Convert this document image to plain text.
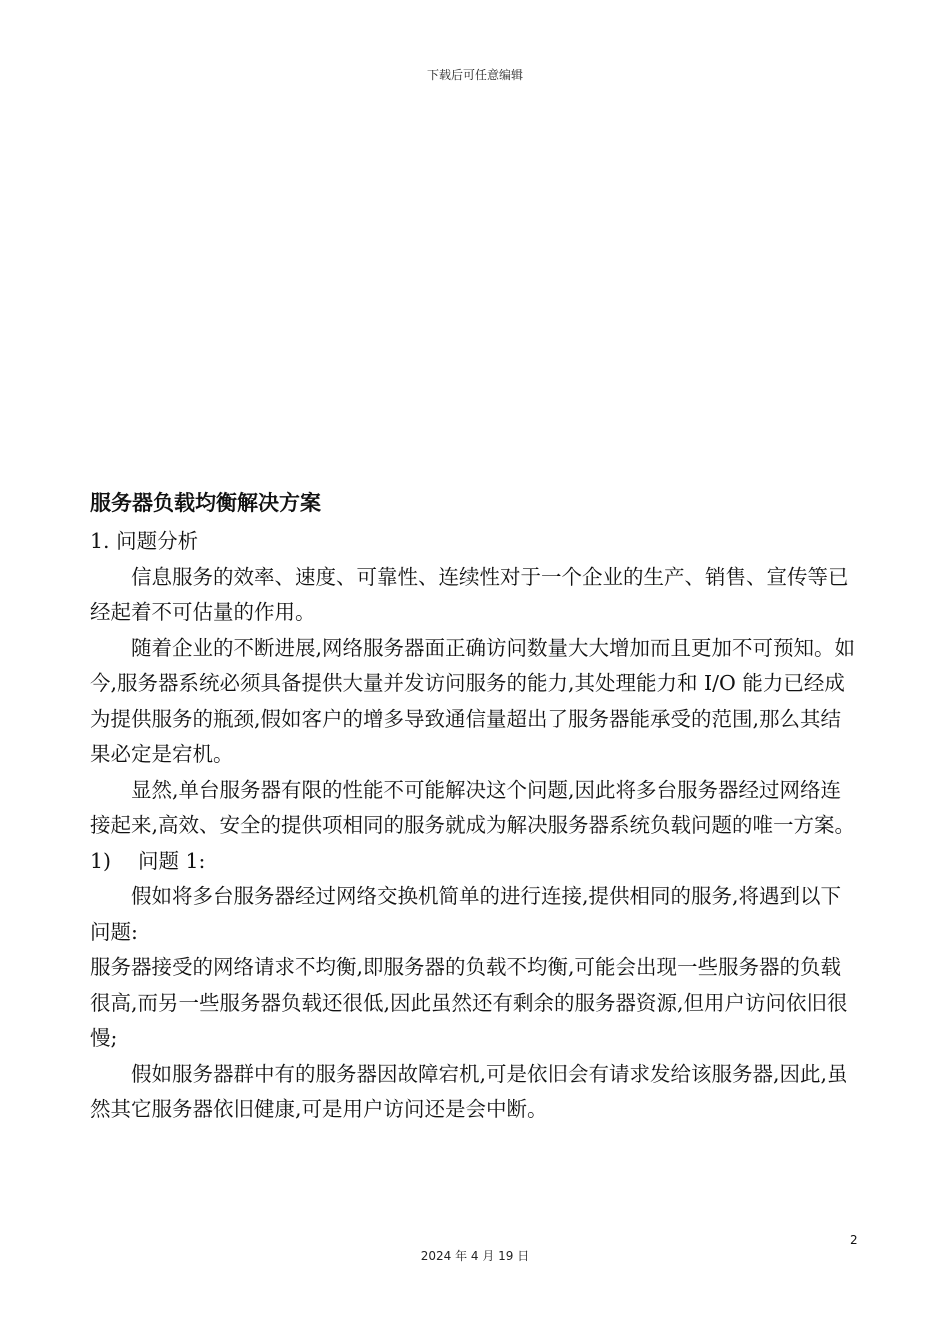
下载后可任意编辑
服务器负载均衡解决方案
1. 问题分析

信息服务的效率、速度、可靠性、连续性对于一个企业的生产、销售、宣传等已经起着不可估量的作用。

随着企业的不断进展,网络服务器面正确访问数量大大增加而且更加不可预知。如今,服务器系统必须具备提供大量并发访问服务的能力,其处理能力和 I/O 能力已经成为提供服务的瓶颈,假如客户的增多导致通信量超出了服务器能承受的范围,那么其结果必定是宕机。

显然,单台服务器有限的性能不可能解决这个问题,因此将多台服务器经过网络连接起来,高效、安全的提供项相同的服务就成为解决服务器系统负载问题的唯一方案。

1) 问题 1:

假如将多台服务器经过网络交换机简单的进行连接,提供相同的服务,将遇到以下问题:

服务器接受的网络请求不均衡,即服务器的负载不均衡,可能会出现一些服务器的负载很高,而另一些服务器负载还很低,因此虽然还有剩余的服务器资源,但用户访问依旧很慢;

假如服务器群中有的服务器因故障宕机,可是依旧会有请求发给该服务器,因此,虽然其它服务器依旧健康,可是用户访问还是会中断。

2
2024 年 4 月 19 日
